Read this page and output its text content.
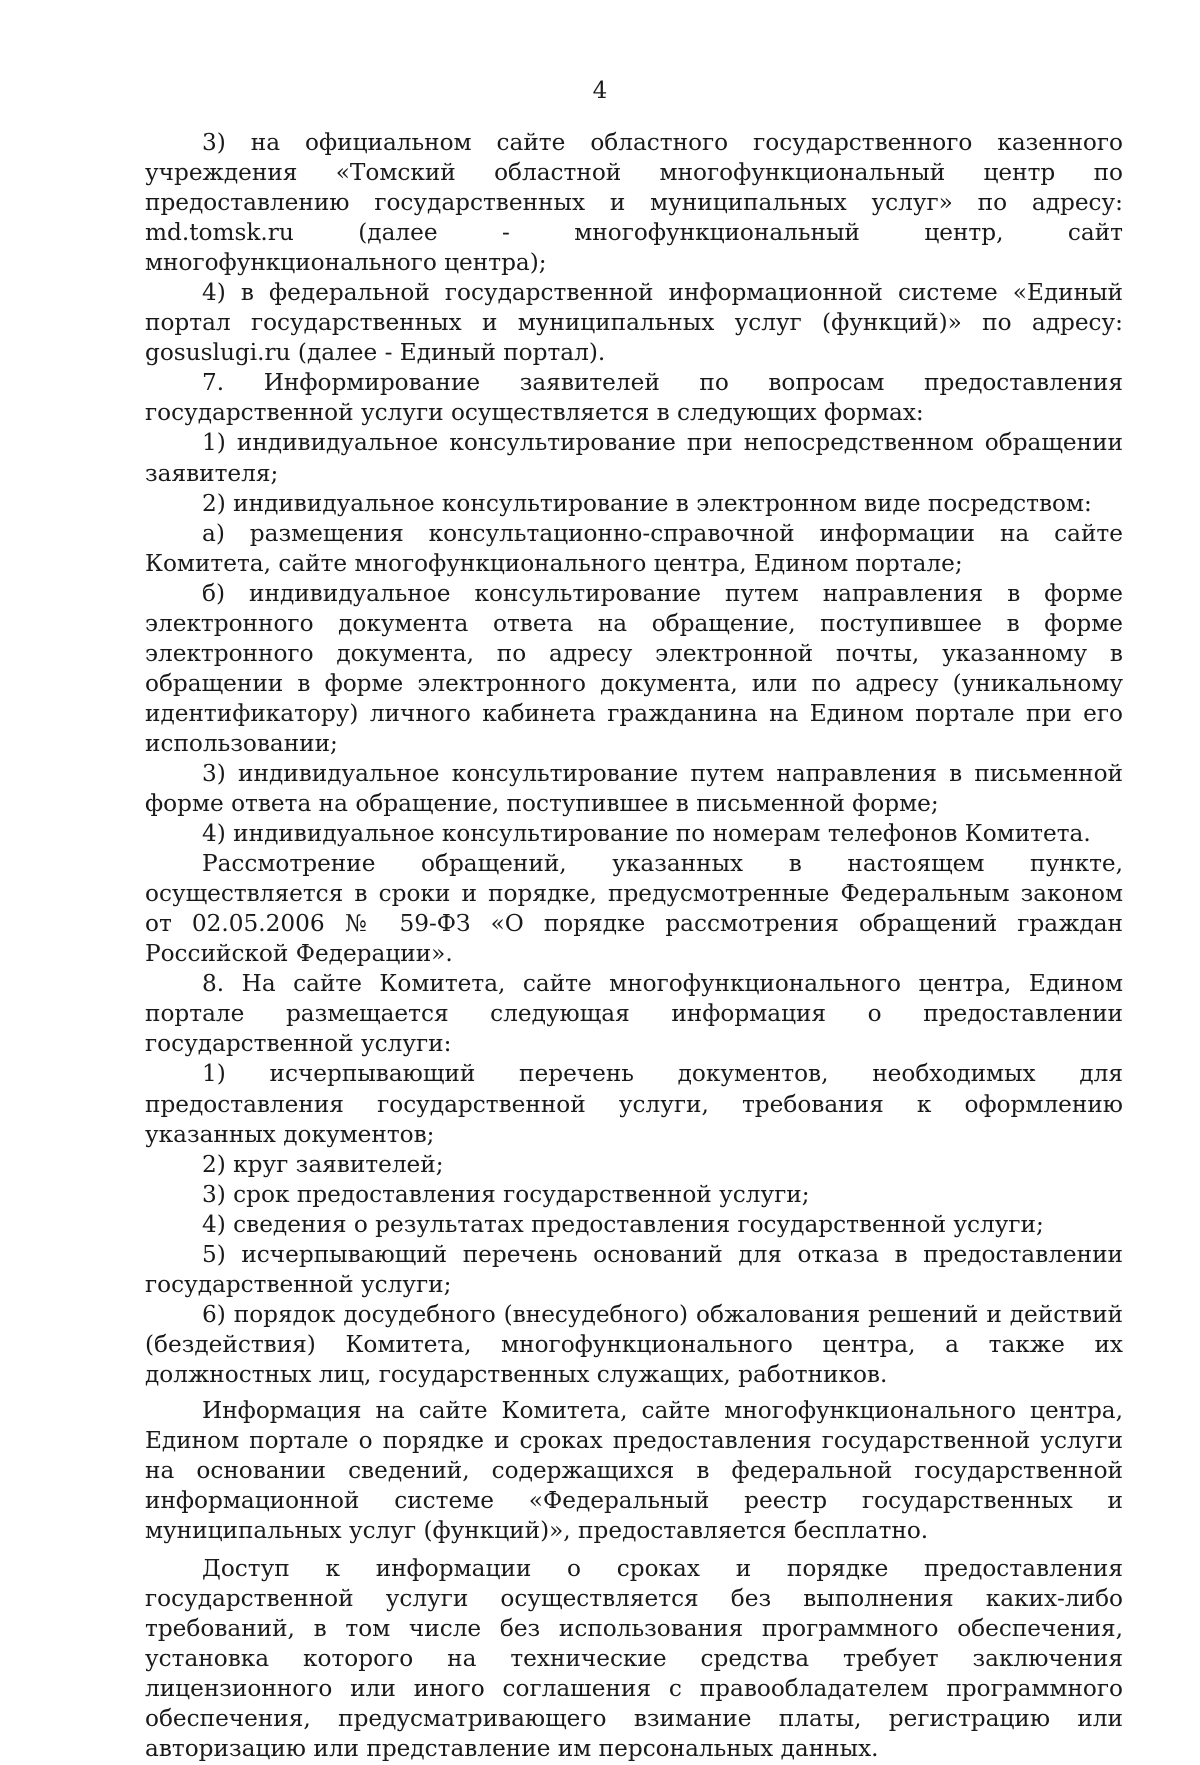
4

3) на официальном сайте областного государственного казенного учреждения «Томский областной многофункциональный центр по предоставлению государственных и муниципальных услуг» по адресу: md.tomsk.ru (далее - многофункциональный центр, сайт многофункционального центра);

4) в федеральной государственной информационной системе «Единый портал государственных и муниципальных услуг (функций)» по адресу: gosuslugi.ru (далее - Единый портал).

7. Информирование заявителей по вопросам предоставления государственной услуги осуществляется в следующих формах:

1) индивидуальное консультирование при непосредственном обращении заявителя;

2) индивидуальное консультирование в электронном виде посредством:

а) размещения консультационно-справочной информации на сайте Комитета, сайте многофункционального центра, Едином портале;

б) индивидуальное консультирование путем направления в форме электронного документа ответа на обращение, поступившее в форме электронного документа, по адресу электронной почты, указанному в обращении в форме электронного документа, или по адресу (уникальному идентификатору) личного кабинета гражданина на Едином портале при его использовании;

3) индивидуальное консультирование путем направления в письменной форме ответа на обращение, поступившее в письменной форме;

4) индивидуальное консультирование по номерам телефонов Комитета.

Рассмотрение обращений, указанных в настоящем пункте, осуществляется в сроки и порядке, предусмотренные Федеральным законом от 02.05.2006 № 59-ФЗ «О порядке рассмотрения обращений граждан Российской Федерации».

8. На сайте Комитета, сайте многофункционального центра, Едином портале размещается следующая информация о предоставлении государственной услуги:

1) исчерпывающий перечень документов, необходимых для предоставления государственной услуги, требования к оформлению указанных документов;

2) круг заявителей;

3) срок предоставления государственной услуги;

4) сведения о результатах предоставления государственной услуги;

5) исчерпывающий перечень оснований для отказа в предоставлении государственной услуги;

6) порядок досудебного (внесудебного) обжалования решений и действий (бездействия) Комитета, многофункционального центра, а также их должностных лиц, государственных служащих, работников.

Информация на сайте Комитета, сайте многофункционального центра, Едином портале о порядке и сроках предоставления государственной услуги на основании сведений, содержащихся в федеральной государственной информационной системе «Федеральный реестр государственных и муниципальных услуг (функций)», предоставляется бесплатно.

Доступ к информации о сроках и порядке предоставления государственной услуги осуществляется без выполнения каких-либо требований, в том числе без использования программного обеспечения, установка которого на технические средства требует заключения лицензионного или иного соглашения с правообладателем программного обеспечения, предусматривающего взимание платы, регистрацию или авторизацию или представление им персональных данных.
